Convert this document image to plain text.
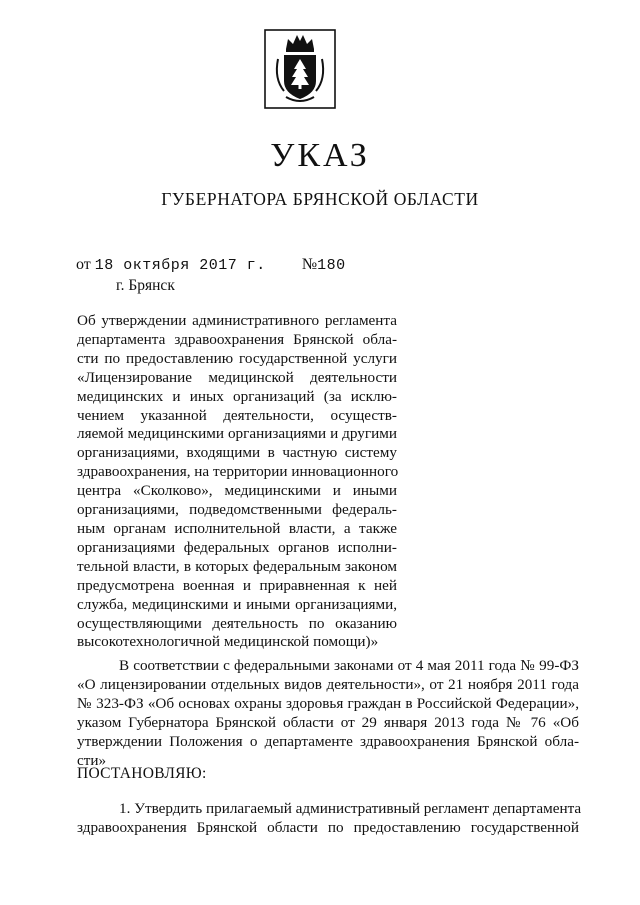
УКАЗ
ГУБЕРНАТОРА БРЯНСКОЙ ОБЛАСТИ
от 18 октября 2017 г. №180
г. Брянск
Об утверждении административного регламента
департамента здравоохранения Брянской обла-
сти по предоставлению государственной услуги
«Лицензирование медицинской деятельности
медицинских и иных организаций (за исклю-
чением указанной деятельности, осуществ-
ляемой медицинскими организациями и другими
организациями, входящими в частную систему
здравоохранения, на территории инновационного
центра «Сколково», медицинскими и иными
организациями, подведомственными федераль-
ным органам исполнительной власти, а также
организациями федеральных органов исполни-
тельной власти, в которых федеральным законом
предусмотрена военная и приравненная к ней
служба, медицинскими и иными организациями,
осуществляющими деятельность по оказанию
высокотехнологичной медицинской помощи)»
В соответствии с федеральными законами от 4 мая 2011 года № 99-ФЗ
«О лицензировании отдельных видов деятельности», от 21 ноября 2011 года
№ 323-ФЗ «Об основах охраны здоровья граждан в Российской Федерации»,
указом Губернатора Брянской области от 29 января 2013 года № 76 «Об
утверждении Положения о департаменте здравоохранения Брянской обла-
сти»
ПОСТАНОВЛЯЮ:
1. Утвердить прилагаемый административный регламент департамента
здравоохранения Брянской области по предоставлению государственной
